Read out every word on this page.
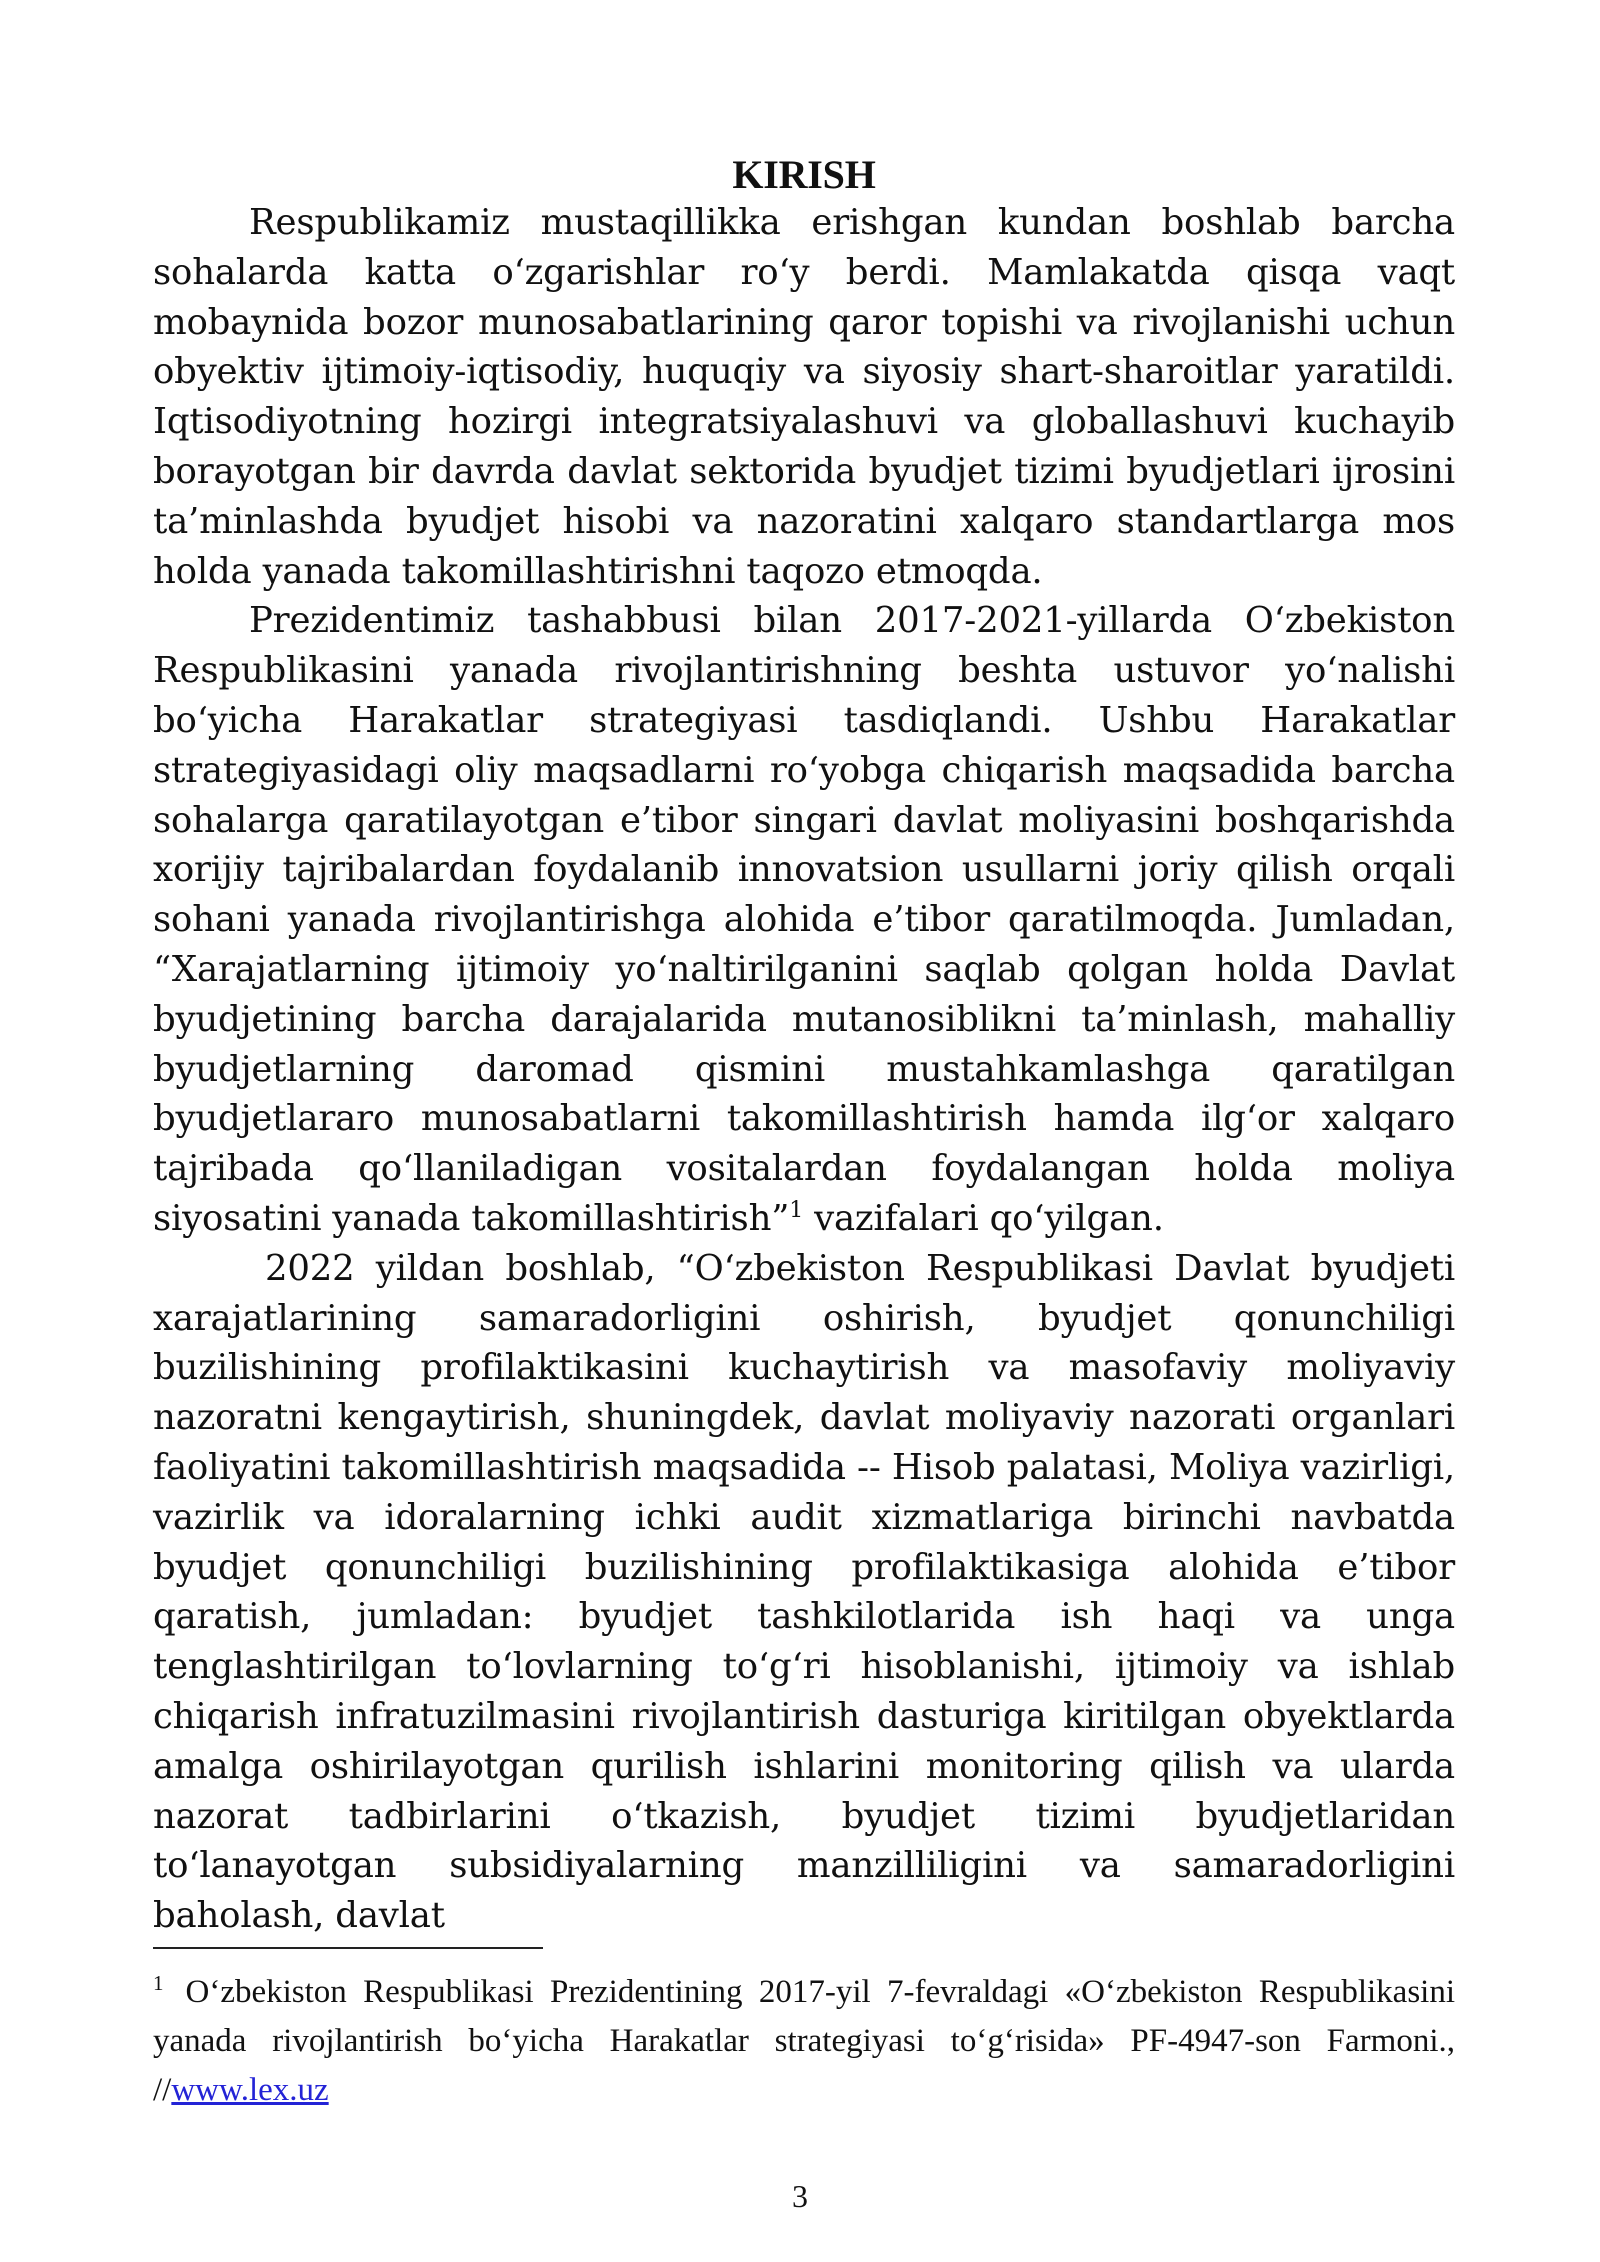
KIRISH

Respublikamiz mustaqillikka erishgan kundan boshlab barcha sohalarda katta o‘zgarishlar ro‘y berdi. Mamlakatda qisqa vaqt mobaynida bozor munosabatlarining qaror topishi va rivojlanishi uchun obyektiv ijtimoiy-iqtisodiy, huquqiy va siyosiy shart-sharoitlar yaratildi. Iqtisodiyotning hozirgi integratsiyalashuvi va globallashuvi kuchayib borayotgan bir davrda davlat sektorida byudjet tizimi byudjetlari ijrosini ta’minlashda byudjet hisobi va nazoratini xalqaro standartlarga mos holda yanada takomillashtirishni taqozo etmoqda.

Prezidentimiz tashabbusi bilan 2017-2021-yillarda O‘zbekiston Respublikasini yanada rivojlantirishning beshta ustuvor yo‘nalishi bo‘yicha Harakatlar strategiyasi tasdiqlandi. Ushbu Harakatlar strategiyasidagi oliy maqsadlarni ro‘yobga chiqarish maqsadida barcha sohalarga qaratilayotgan e’tibor singari davlat moliyasini boshqarishda xorijiy tajribalardan foydalanib innovatsion usullarni joriy qilish orqali sohani yanada rivojlantirishga alohida e’tibor qaratilmoqda. Jumladan, “Xarajatlarning ijtimoiy yo‘naltirilganini saqlab qolgan holda Davlat byudjetining barcha darajalarida mutanosiblikni ta’minlash, mahalliy byudjetlarning daromad qismini mustahkamlashga qaratilgan byudjetlararo munosabatlarni takomillashtirish hamda ilg‘or xalqaro tajribada qo‘llaniladigan vositalardan foydalangan holda moliya siyosatini yanada takomillashtirish”$^1$ vazifalari qo‘yilgan.

2022 yildan boshlab, “O‘zbekiston Respublikasi Davlat byudjeti xarajatlarining samaradorligini oshirish, byudjet qonunchiligi buzilishining profilaktikasini kuchaytirish va masofaviy moliyaviy nazoratni kengaytirish, shuningdek, davlat moliyaviy nazorati organlari faoliyatini takomillashtirish maqsadida -- Hisob palatasi, Moliya vazirligi, vazirlik va idoralarning ichki audit xizmatlariga birinchi navbatda byudjet qonunchiligi buzilishining profilaktikasiga alohida e’tibor qaratish, jumladan: byudjet tashkilotlarida ish haqi va unga tenglashtirilgan to‘lovlarning to‘g‘ri hisoblanishi, ijtimoiy va ishlab chiqarish infratuzilmasini rivojlantirish dasturiga kiritilgan obyektlarda amalga oshirilayotgan qurilish ishlarini monitoring qilish va ularda nazorat tadbirlarini o‘tkazish, byudjet tizimi byudjetlaridan to‘lanayotgan subsidiyalarning manzilliligini va samaradorligini baholash, davlat

$^1$ O‘zbekiston Respublikasi Prezidentining 2017-yil 7-fevraldagi «O‘zbekiston Respublikasini yanada rivojlantirish bo‘yicha Harakatlar strategiyasi to‘g‘risida» PF-4947-son Farmoni., //www.lex.uz
3
